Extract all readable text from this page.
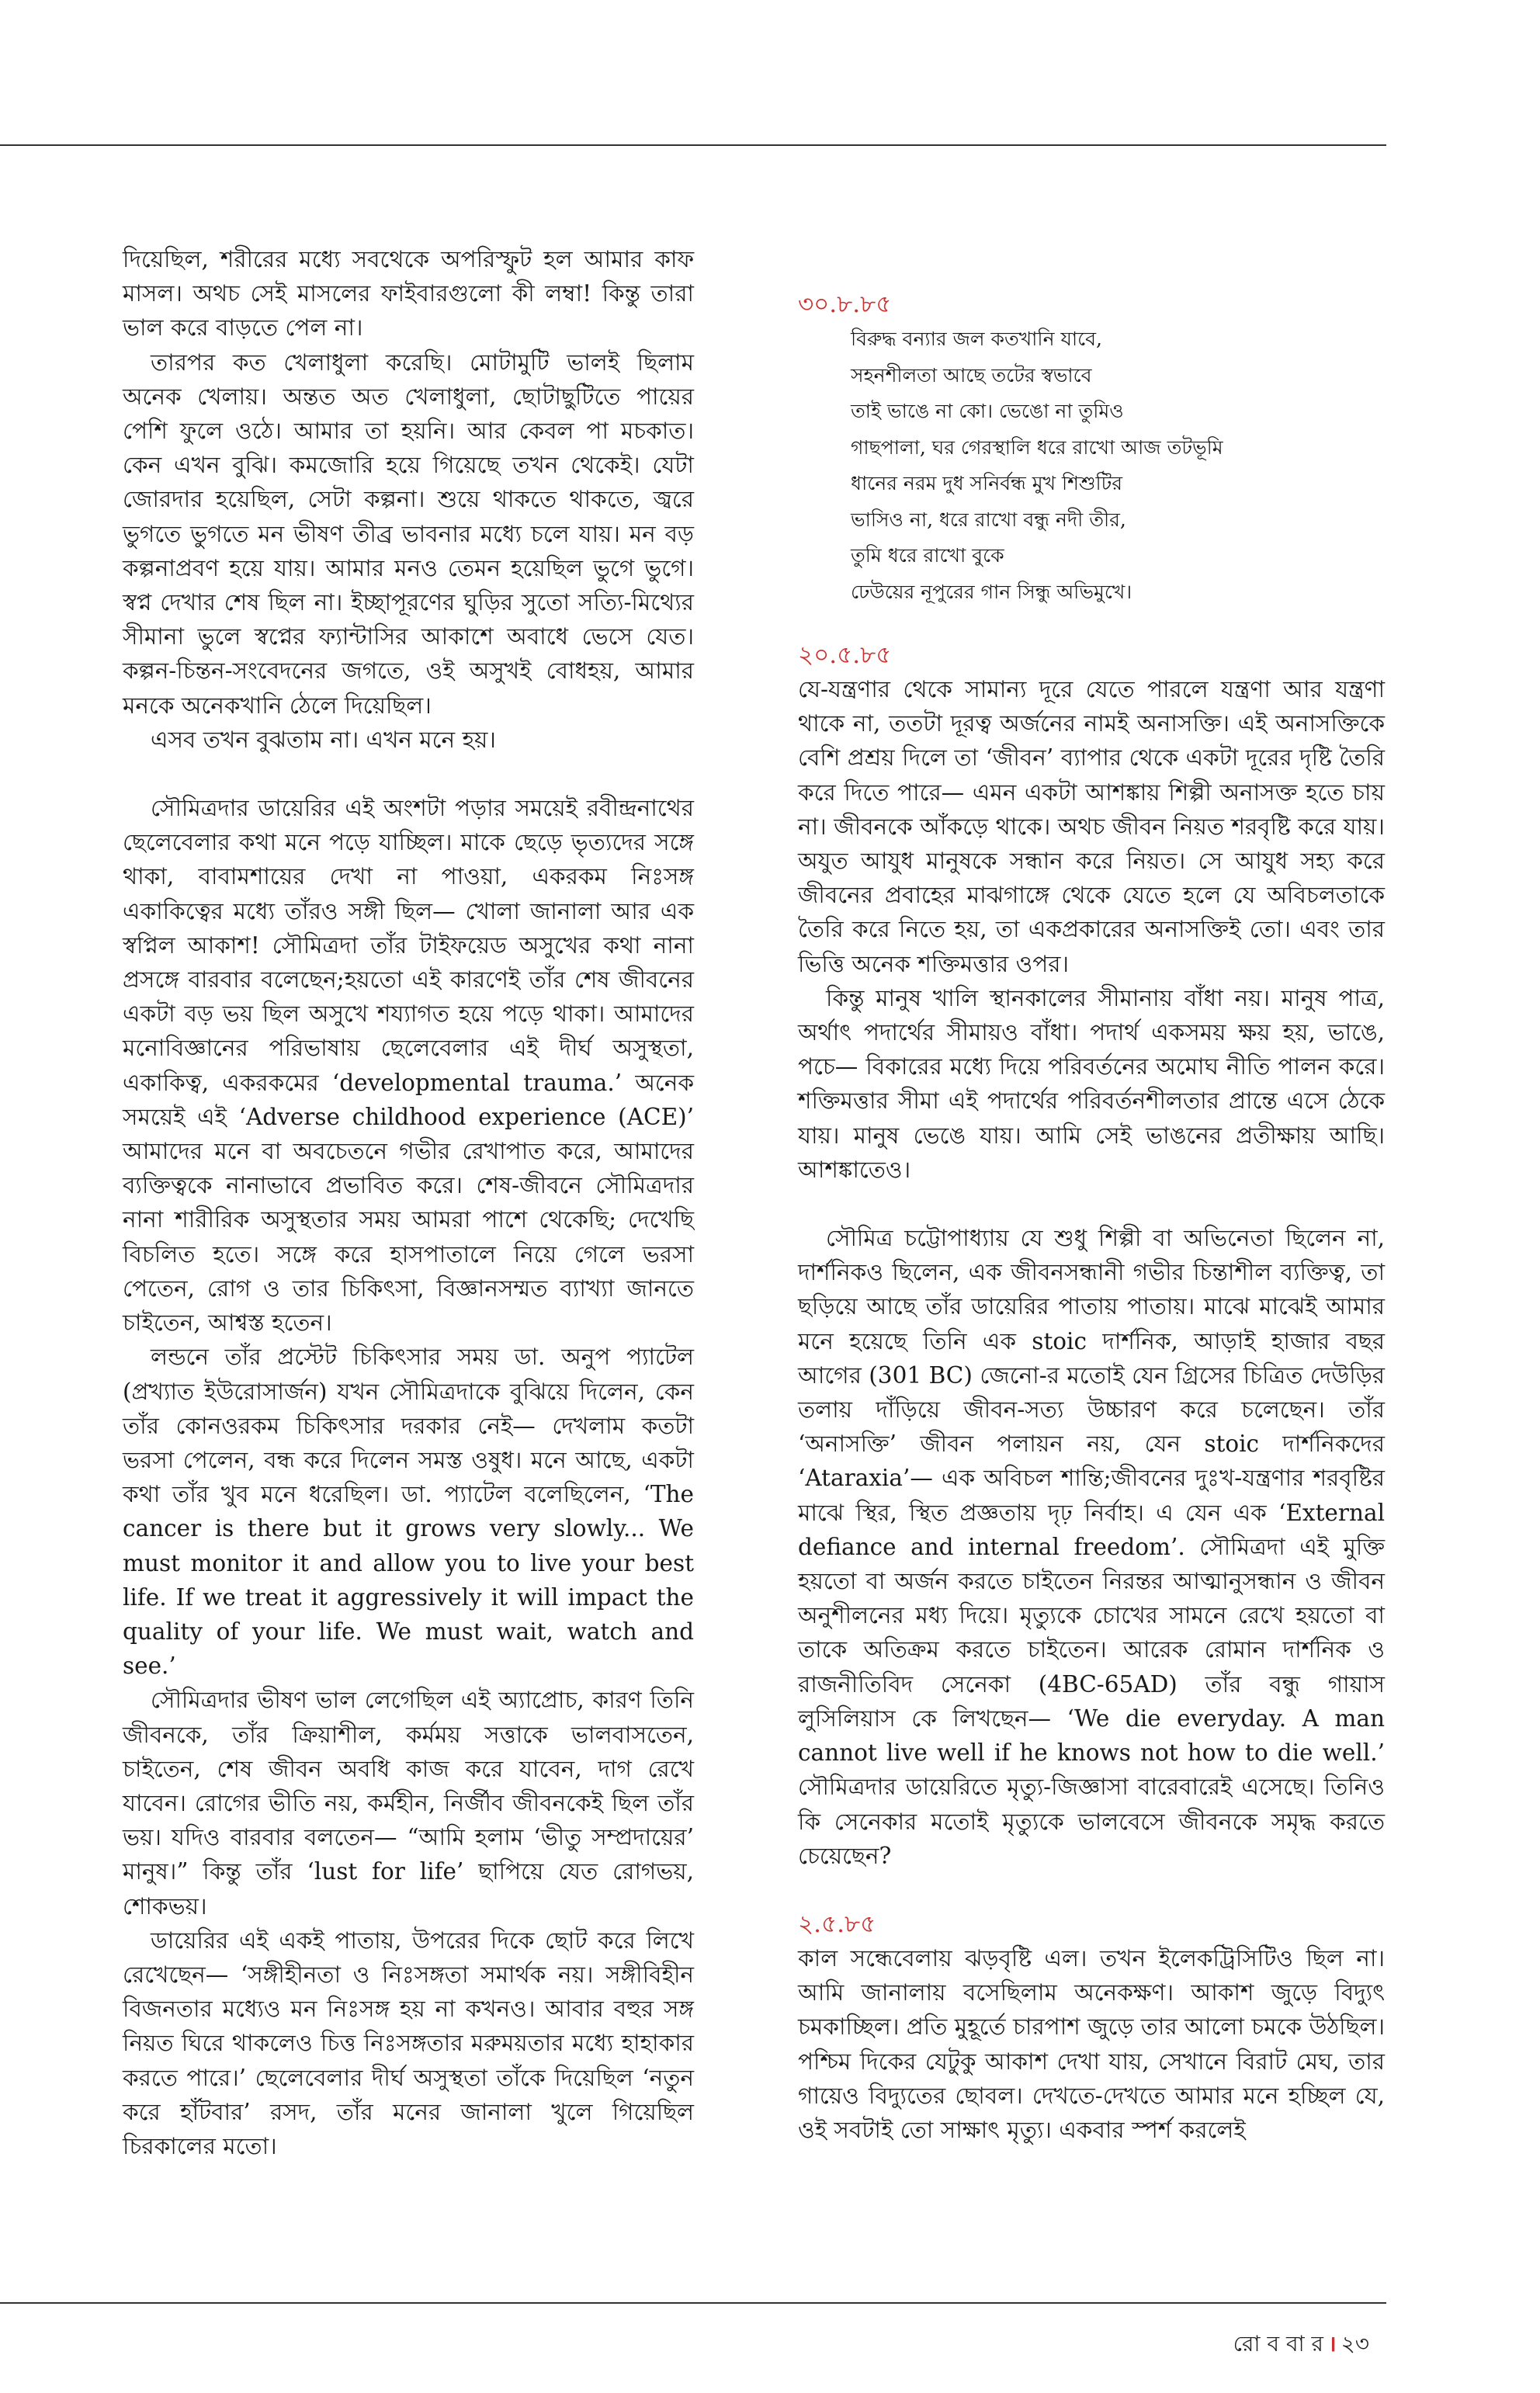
দিয়েছিল, শরীরের মধ্যে সবথেকে অপরিস্ফুট হল আমার কাফ মাসল। অথচ সেই মাসলের ফাইবারগুলো কী লম্বা! কিন্তু তারা ভাল করে বাড়তে পেল না।

তারপর কত খেলাধুলা করেছি। মোটামুটি ভালই ছিলাম অনেক খেলায়। অন্তত অত খেলাধুলা, ছোটাছুটিতে পায়ের পেশি ফুলে ওঠে। আমার তা হয়নি। আর কেবল পা মচকাত। কেন এখন বুঝি। কমজোরি হয়ে গিয়েছে তখন থেকেই। যেটা জোরদার হয়েছিল, সেটা কল্পনা। শুয়ে থাকতে থাকতে, জ্বরে ভুগতে ভুগতে মন ভীষণ তীব্র ভাবনার মধ্যে চলে যায়। মন বড় কল্পনাপ্রবণ হয়ে যায়। আমার মনও তেমন হয়েছিল ভুগে ভুগে। স্বপ্ন দেখার শেষ ছিল না। ইচ্ছাপূরণের ঘুড়ির সুতো সত্যি-মিথ্যের সীমানা ভুলে স্বপ্নের ফ্যান্টাসির আকাশে অবাধে ভেসে যেত। কল্পন-চিন্তন-সংবেদনের জগতে, ওই অসুখই বোধহয়, আমার মনকে অনেকখানি ঠেলে দিয়েছিল।

এসব তখন বুঝতাম না। এখন মনে হয়।

সৌমিত্রদার ডায়েরির এই অংশটা পড়ার সময়েই রবীন্দ্রনাথের ছেলেবেলার কথা মনে পড়ে যাচ্ছিল। মাকে ছেড়ে ভৃত্যদের সঙ্গে থাকা, বাবামশায়ের দেখা না পাওয়া, একরকম নিঃসঙ্গ একাকিত্বের মধ্যে তাঁরও সঙ্গী ছিল— খোলা জানালা আর এক স্বপ্নিল আকাশ! সৌমিত্রদা তাঁর টাইফয়েড অসুখের কথা নানা প্রসঙ্গে বারবার বলেছেন;হয়তো এই কারণেই তাঁর শেষ জীবনের একটা বড় ভয় ছিল অসুখে শয্যাগত হয়ে পড়ে থাকা। আমাদের মনোবিজ্ঞানের পরিভাষায় ছেলেবেলার এই দীর্ঘ অসুস্থতা, একাকিত্ব, একরকমের ‘developmental trauma.’ অনেক সময়েই এই ‘Adverse childhood experience (ACE)’ আমাদের মনে বা অবচেতনে গভীর রেখাপাত করে, আমাদের ব্যক্তিত্বকে নানাভাবে প্রভাবিত করে। শেষ-জীবনে সৌমিত্রদার নানা শারীরিক অসুস্থতার সময় আমরা পাশে থেকেছি; দেখেছি বিচলিত হতে। সঙ্গে করে হাসপাতালে নিয়ে গেলে ভরসা পেতেন, রোগ ও তার চিকিৎসা, বিজ্ঞানসম্মত ব্যাখ্যা জানতে চাইতেন, আশ্বস্ত হতেন।

লন্ডনে তাঁর প্রস্টেট চিকিৎসার সময় ডা. অনুপ প্যাটেল (প্রখ্যাত ইউরোসার্জন) যখন সৌমিত্রদাকে বুঝিয়ে দিলেন, কেন তাঁর কোনওরকম চিকিৎসার দরকার নেই— দেখলাম কতটা ভরসা পেলেন, বন্ধ করে দিলেন সমস্ত ওষুধ। মনে আছে, একটা কথা তাঁর খুব মনে ধরেছিল। ডা. প্যাটেল বলেছিলেন, ‘The cancer is there but it grows very slowly... We must monitor it and allow you to live your best life. If we treat it aggressively it will impact the quality of your life. We must wait, watch and see.’

সৌমিত্রদার ভীষণ ভাল লেগেছিল এই অ্যাপ্রোচ, কারণ তিনি জীবনকে, তাঁর ক্রিয়াশীল, কর্মময় সত্তাকে ভালবাসতেন, চাইতেন, শেষ জীবন অবধি কাজ করে যাবেন, দাগ রেখে যাবেন। রোগের ভীতি নয়, কর্মহীন, নির্জীব জীবনকেই ছিল তাঁর ভয়। যদিও বারবার বলতেন— “আমি হলাম ‘ভীতু সম্প্রদায়ের’ মানুষ।” কিন্তু তাঁর ‘lust for life’ ছাপিয়ে যেত রোগভয়, শোকভয়।

ডায়েরির এই একই পাতায়, উপরের দিকে ছোট করে লিখে রেখেছেন— ‘সঙ্গীহীনতা ও নিঃসঙ্গতা সমার্থক নয়। সঙ্গীবিহীন বিজনতার মধ্যেও মন নিঃসঙ্গ হয় না কখনও। আবার বহুর সঙ্গ নিয়ত ঘিরে থাকলেও চিত্ত নিঃসঙ্গতার মরুময়তার মধ্যে হাহাকার করতে পারে।’ ছেলেবেলার দীর্ঘ অসুস্থতা তাঁকে দিয়েছিল ‘নতুন করে হাঁটবার’ রসদ, তাঁর মনের জানালা খুলে গিয়েছিল চিরকালের মতো।

৩০.৮.৮৫

বিরুদ্ধ বন্যার জল কতখানি যাবে,
সহনশীলতা আছে তটের স্বভাবে
তাই ভাঙে না কো। ভেঙো না তুমিও
গাছপালা, ঘর গেরস্থালি ধরে রাখো আজ তটভূমি
ধানের নরম দুধ সনির্বন্ধ মুখ শিশুটির
ভাসিও না, ধরে রাখো বন্ধু নদী তীর,
তুমি ধরে রাখো বুকে
ঢেউয়ের নূপুরের গান সিন্ধু অভিমুখে।

২০.৫.৮৫

যে-যন্ত্রণার থেকে সামান্য দূরে যেতে পারলে যন্ত্রণা আর যন্ত্রণা থাকে না, ততটা দূরত্ব অর্জনের নামই অনাসক্তি। এই অনাসক্তিকে বেশি প্রশ্রয় দিলে তা ‘জীবন’ ব্যাপার থেকে একটা দূরের দৃষ্টি তৈরি করে দিতে পারে— এমন একটা আশঙ্কায় শিল্পী অনাসক্ত হতে চায় না। জীবনকে আঁকড়ে থাকে। অথচ জীবন নিয়ত শরবৃষ্টি করে যায়। অযুত আযুধ মানুষকে সন্ধান করে নিয়ত। সে আযুধ সহ্য করে জীবনের প্রবাহের মাঝগাঙ্গে থেকে যেতে হলে যে অবিচলতাকে তৈরি করে নিতে হয়, তা একপ্রকারের অনাসক্তিই তো। এবং তার ভিত্তি অনেক শক্তিমত্তার ওপর।

কিন্তু মানুষ খালি স্থানকালের সীমানায় বাঁধা নয়। মানুষ পাত্র, অর্থাৎ পদার্থের সীমায়ও বাঁধা। পদার্থ একসময় ক্ষয় হয়, ভাঙে, পচে— বিকারের মধ্যে দিয়ে পরিবর্তনের অমোঘ নীতি পালন করে। শক্তিমত্তার সীমা এই পদার্থের পরিবর্তনশীলতার প্রান্তে এসে ঠেকে যায়। মানুষ ভেঙে যায়। আমি সেই ভাঙনের প্রতীক্ষায় আছি। আশঙ্কাতেও।

সৌমিত্র চট্টোপাধ্যায় যে শুধু শিল্পী বা অভিনেতা ছিলেন না, দার্শনিকও ছিলেন, এক জীবনসন্ধানী গভীর চিন্তাশীল ব্যক্তিত্ব, তা ছড়িয়ে আছে তাঁর ডায়েরির পাতায় পাতায়। মাঝে মাঝেই আমার মনে হয়েছে তিনি এক stoic দার্শনিক, আড়াই হাজার বছর আগের (301 BC) জেনো-র মতোই যেন গ্রিসের চিত্রিত দেউড়ির তলায় দাঁড়িয়ে জীবন-সত্য উচ্চারণ করে চলেছেন। তাঁর ‘অনাসক্তি’ জীবন পলায়ন নয়, যেন stoic দার্শনিকদের ‘Ataraxia’— এক অবিচল শান্তি;জীবনের দুঃখ-যন্ত্রণার শরবৃষ্টির মাঝে স্থির, স্থিত প্রজ্ঞতায় দৃঢ় নির্বাহ। এ যেন এক ‘External defiance and internal freedom’. সৌমিত্রদা এই মুক্তি হয়তো বা অর্জন করতে চাইতেন নিরন্তর আত্মানুসন্ধান ও জীবন অনুশীলনের মধ্য দিয়ে। মৃত্যুকে চোখের সামনে রেখে হয়তো বা তাকে অতিক্রম করতে চাইতেন। আরেক রোমান দার্শনিক ও রাজনীতিবিদ সেনেকা (4BC-65AD) তাঁর বন্ধু গায়াস লুসিলিয়াস কে লিখছেন— ‘We die everyday. A man cannot live well if he knows not how to die well.’ সৌমিত্রদার ডায়েরিতে মৃত্যু-জিজ্ঞাসা বারেবারেই এসেছে। তিনিও কি সেনেকার মতোই মৃত্যুকে ভালবেসে জীবনকে সমৃদ্ধ করতে চেয়েছেন?

২.৫.৮৫

কাল সন্ধেবেলায় ঝড়বৃষ্টি এল। তখন ইলেকট্রিসিটিও ছিল না। আমি জানালায় বসেছিলাম অনেকক্ষণ। আকাশ জুড়ে বিদ্যুৎ চমকাচ্ছিল। প্রতি মুহূর্তে চারপাশ জুড়ে তার আলো চমকে উঠছিল। পশ্চিম দিকের যেটুকু আকাশ দেখা যায়, সেখানে বিরাট মেঘ, তার গায়েও বিদ্যুতের ছোবল। দেখতে-দেখতে আমার মনে হচ্ছিল যে, ওই সবটাই তো সাক্ষাৎ মৃত্যু। একবার স্পর্শ করলেই

রো ব বা র । ২৩
